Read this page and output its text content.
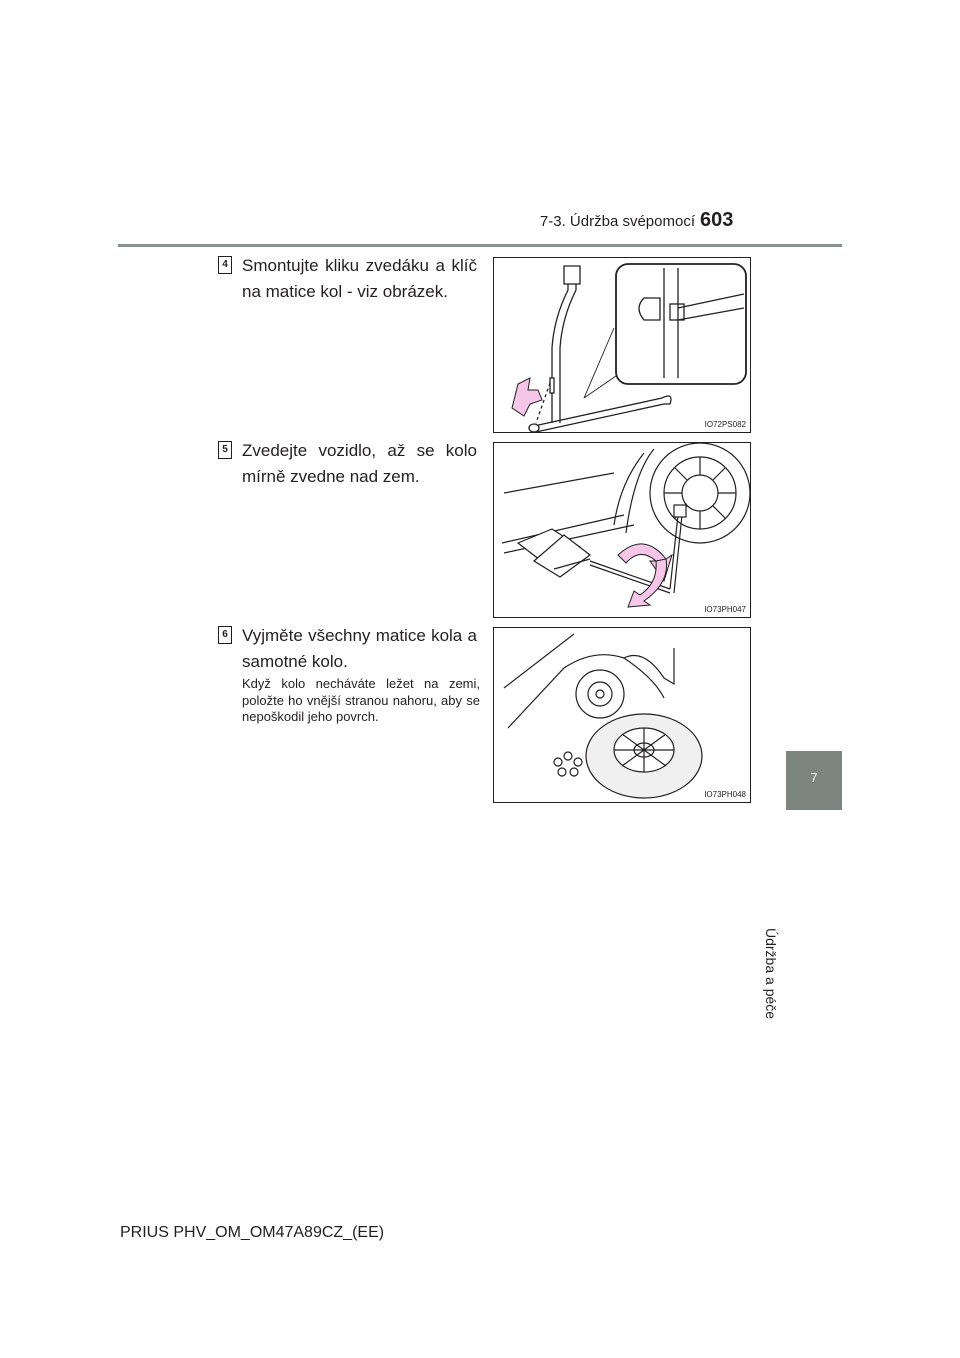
7-3. Údržba svépomocí 603
7
Údržba a péče
4 Smontujte kliku zvedáku a klíč na matice kol - viz obrázek.
IO72PS082
5 Zvedejte vozidlo, až se kolo mírně zvedne nad zem.
IO73PH047
6 Vyjměte všechny matice kola a samotné kolo.
Když kolo necháváte ležet na zemi, položte ho vnější stranou nahoru, aby se nepoškodil jeho povrch.
IO73PH048
PRIUS PHV_OM_OM47A89CZ_(EE)
